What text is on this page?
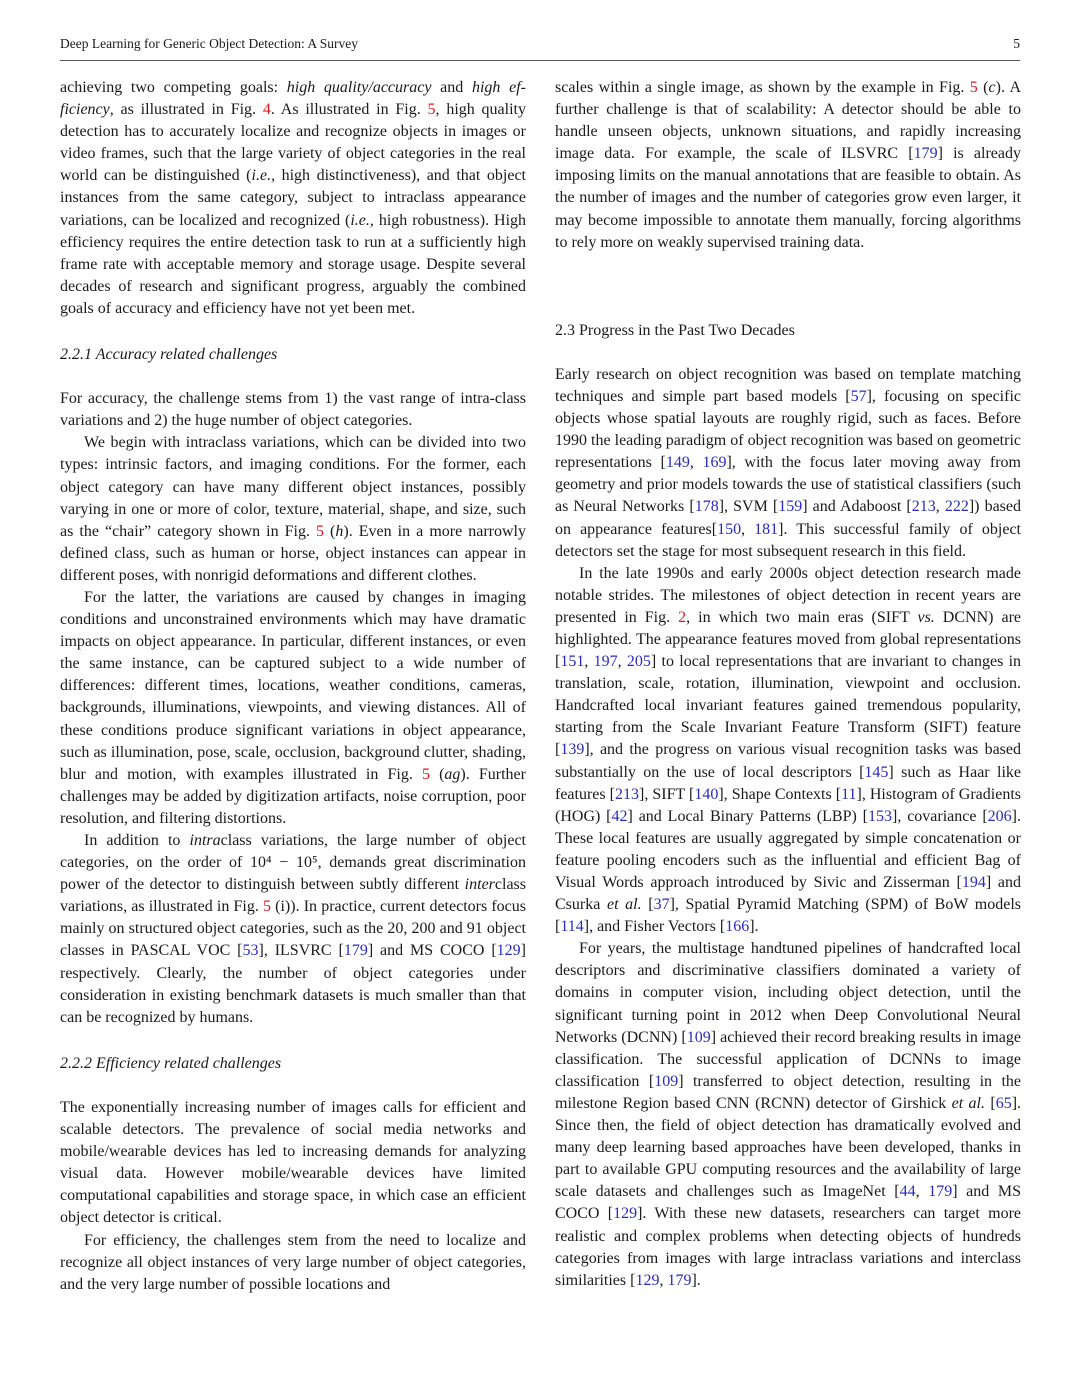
Deep Learning for Generic Object Detection: A Survey	5

achieving two competing goals: high quality/accuracy and high efficiency, as illustrated in Fig. 4. As illustrated in Fig. 5, high quality detection has to accurately localize and recognize objects in images or video frames, such that the large variety of object categories in the real world can be distinguished (i.e., high distinctiveness), and that object instances from the same category, subject to intraclass appearance variations, can be localized and recognized (i.e., high robustness). High efficiency requires the entire detection task to run at a sufficiently high frame rate with acceptable memory and storage usage. Despite several decades of research and significant progress, arguably the combined goals of accuracy and efficiency have not yet been met.

2.2.1 Accuracy related challenges

For accuracy, the challenge stems from 1) the vast range of intra-class variations and 2) the huge number of object categories.

We begin with intraclass variations, which can be divided into two types: intrinsic factors, and imaging conditions. For the former, each object category can have many different object instances, possibly varying in one or more of color, texture, material, shape, and size, such as the “chair” category shown in Fig. 5 (h). Even in a more narrowly defined class, such as human or horse, object instances can appear in different poses, with nonrigid deformations and different clothes.

For the latter, the variations are caused by changes in imaging conditions and unconstrained environments which may have dramatic impacts on object appearance. In particular, different instances, or even the same instance, can be captured subject to a wide number of differences: different times, locations, weather conditions, cameras, backgrounds, illuminations, viewpoints, and viewing distances. All of these conditions produce significant variations in object appearance, such as illumination, pose, scale, occlusion, background clutter, shading, blur and motion, with examples illustrated in Fig. 5 (ag). Further challenges may be added by digitization artifacts, noise corruption, poor resolution, and filtering distortions.

In addition to intraclass variations, the large number of object categories, on the order of 10⁴ − 10⁵, demands great discrimination power of the detector to distinguish between subtly different interclass variations, as illustrated in Fig. 5 (i)). In practice, current detectors focus mainly on structured object categories, such as the 20, 200 and 91 object classes in PASCAL VOC [53], ILSVRC [179] and MS COCO [129] respectively. Clearly, the number of object categories under consideration in existing benchmark datasets is much smaller than that can be recognized by humans.

2.2.2 Efficiency related challenges

The exponentially increasing number of images calls for efficient and scalable detectors. The prevalence of social media networks and mobile/wearable devices has led to increasing demands for analyzing visual data. However mobile/wearable devices have limited computational capabilities and storage space, in which case an efficient object detector is critical.

For efficiency, the challenges stem from the need to localize and recognize all object instances of very large number of object categories, and the very large number of possible locations and

scales within a single image, as shown by the example in Fig. 5 (c). A further challenge is that of scalability: A detector should be able to handle unseen objects, unknown situations, and rapidly increasing image data. For example, the scale of ILSVRC [179] is already imposing limits on the manual annotations that are feasible to obtain. As the number of images and the number of categories grow even larger, it may become impossible to annotate them manually, forcing algorithms to rely more on weakly supervised training data.

2.3 Progress in the Past Two Decades

Early research on object recognition was based on template matching techniques and simple part based models [57], focusing on specific objects whose spatial layouts are roughly rigid, such as faces. Before 1990 the leading paradigm of object recognition was based on geometric representations [149, 169], with the focus later moving away from geometry and prior models towards the use of statistical classifiers (such as Neural Networks [178], SVM [159] and Adaboost [213, 222]) based on appearance features[150, 181]. This successful family of object detectors set the stage for most subsequent research in this field.

In the late 1990s and early 2000s object detection research made notable strides. The milestones of object detection in recent years are presented in Fig. 2, in which two main eras (SIFT vs. DCNN) are highlighted. The appearance features moved from global representations [151, 197, 205] to local representations that are invariant to changes in translation, scale, rotation, illumination, viewpoint and occlusion. Handcrafted local invariant features gained tremendous popularity, starting from the Scale Invariant Feature Transform (SIFT) feature [139], and the progress on various visual recognition tasks was based substantially on the use of local descriptors [145] such as Haar like features [213], SIFT [140], Shape Contexts [11], Histogram of Gradients (HOG) [42] and Local Binary Patterns (LBP) [153], covariance [206]. These local features are usually aggregated by simple concatenation or feature pooling encoders such as the influential and efficient Bag of Visual Words approach introduced by Sivic and Zisserman [194] and Csurka et al. [37], Spatial Pyramid Matching (SPM) of BoW models [114], and Fisher Vectors [166].

For years, the multistage handtuned pipelines of handcrafted local descriptors and discriminative classifiers dominated a variety of domains in computer vision, including object detection, until the significant turning point in 2012 when Deep Convolutional Neural Networks (DCNN) [109] achieved their record breaking results in image classification. The successful application of DCNNs to image classification [109] transferred to object detection, resulting in the milestone Region based CNN (RCNN) detector of Girshick et al. [65]. Since then, the field of object detection has dramatically evolved and many deep learning based approaches have been developed, thanks in part to available GPU computing resources and the availability of large scale datasets and challenges such as ImageNet [44, 179] and MS COCO [129]. With these new datasets, researchers can target more realistic and complex problems when detecting objects of hundreds categories from images with large intraclass variations and interclass similarities [129, 179].
